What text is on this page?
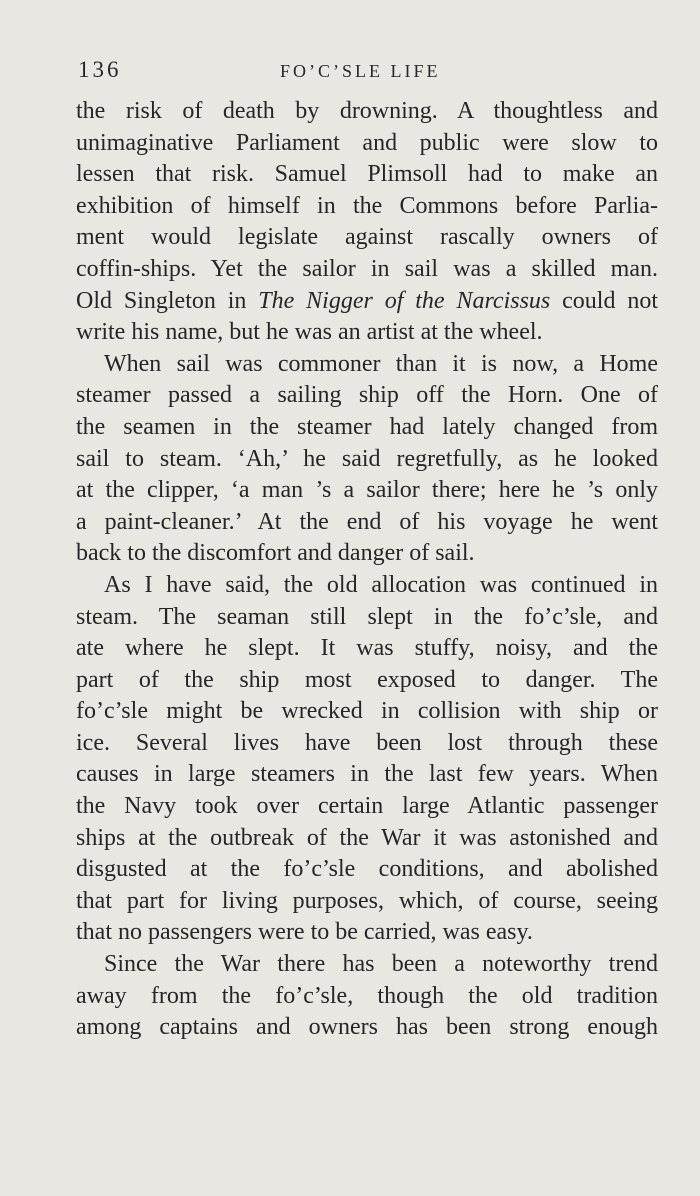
136	FO’C’SLE LIFE
the risk of death by drowning. A thoughtless and
unimaginative Parliament and public were slow to
lessen that risk. Samuel Plimsoll had to make an
exhibition of himself in the Commons before Parlia-
ment would legislate against rascally owners of
coffin-ships. Yet the sailor in sail was a skilled man.
Old Singleton in The Nigger of the Narcissus could not
write his name, but he was an artist at the wheel.
When sail was commoner than it is now, a Home
steamer passed a sailing ship off the Horn. One of
the seamen in the steamer had lately changed from
sail to steam. ‘Ah,’ he said regretfully, as he looked
at the clipper, ‘a man ’s a sailor there; here he ’s only
a paint-cleaner.’ At the end of his voyage he went
back to the discomfort and danger of sail.
As I have said, the old allocation was continued in
steam. The seaman still slept in the fo’c’sle, and
ate where he slept. It was stuffy, noisy, and the
part of the ship most exposed to danger. The
fo’c’sle might be wrecked in collision with ship or
ice. Several lives have been lost through these
causes in large steamers in the last few years. When
the Navy took over certain large Atlantic passenger
ships at the outbreak of the War it was astonished and
disgusted at the fo’c’sle conditions, and abolished
that part for living purposes, which, of course, seeing
that no passengers were to be carried, was easy.
Since the War there has been a noteworthy trend
away from the fo’c’sle, though the old tradition
among captains and owners has been strong enough
